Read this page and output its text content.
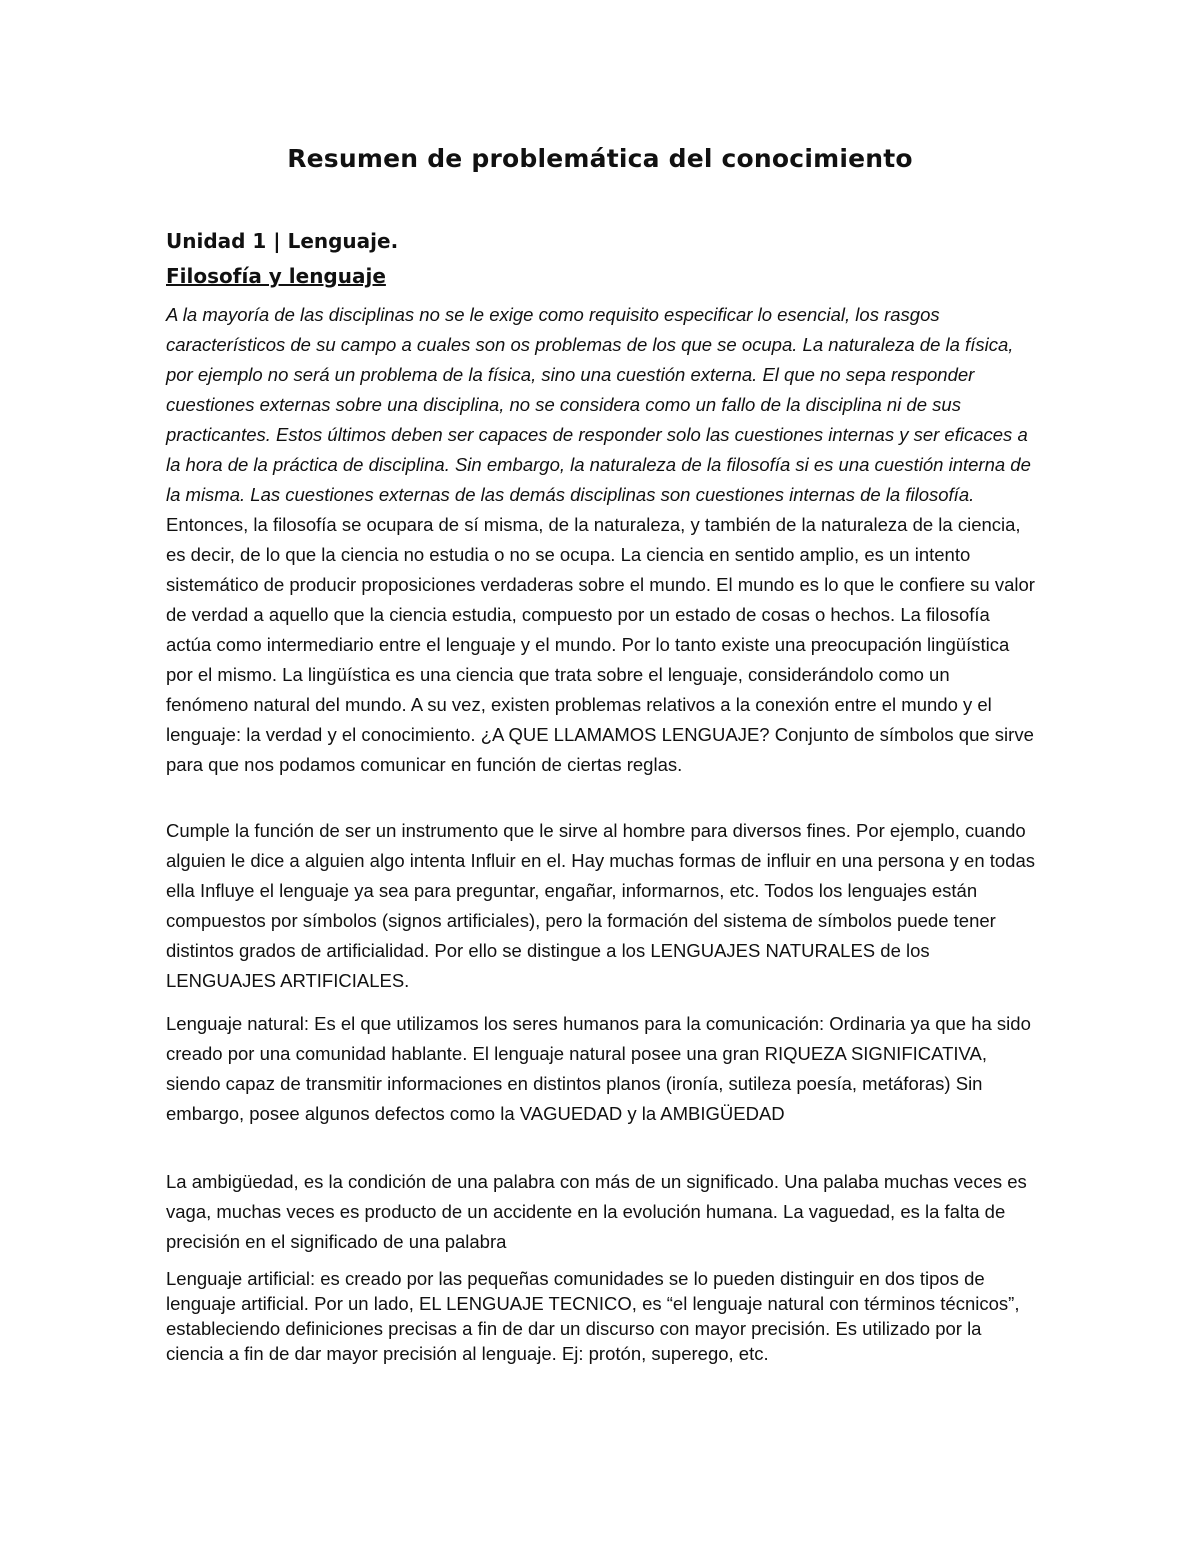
Resumen de problemática del conocimiento
Unidad 1 | Lenguaje.
Filosofía y lenguaje

A la mayoría de las disciplinas no se le exige como requisito especificar lo esencial, los rasgos característicos de su campo a cuales son os problemas de los que se ocupa. La naturaleza de la física, por ejemplo no será un problema de la física, sino una cuestión externa. El que no sepa responder cuestiones externas sobre una disciplina, no se considera como un fallo de la disciplina ni de sus practicantes. Estos últimos deben ser capaces de responder solo las cuestiones internas y ser eficaces a la hora de la práctica de disciplina. Sin embargo, la naturaleza de la filosofía si es una cuestión interna de la misma. Las cuestiones externas de las demás disciplinas son cuestiones internas de la filosofía. Entonces, la filosofía se ocupara de sí misma, de la naturaleza, y también de la naturaleza de la ciencia, es decir, de lo que la ciencia no estudia o no se ocupa. La ciencia en sentido amplio, es un intento sistemático de producir proposiciones verdaderas sobre el mundo. El mundo es lo que le confiere su valor de verdad a aquello que la ciencia estudia, compuesto por un estado de cosas o hechos. La filosofía actúa como intermediario entre el lenguaje y el mundo. Por lo tanto existe una preocupación lingüística por el mismo. La lingüística es una ciencia que trata sobre el lenguaje, considerándolo como un fenómeno natural del mundo. A su vez, existen problemas relativos a la conexión entre el mundo y el lenguaje: la verdad y el conocimiento. ¿A QUE LLAMAMOS LENGUAJE? Conjunto de símbolos que sirve para que nos podamos comunicar en función de ciertas reglas.

Cumple la función de ser un instrumento que le sirve al hombre para diversos fines. Por ejemplo, cuando alguien le dice a alguien algo intenta Influir en el. Hay muchas formas de influir en una persona y en todas ella Influye el lenguaje ya sea para preguntar, engañar, informarnos, etc. Todos los lenguajes están compuestos por símbolos (signos artificiales), pero la formación del sistema de símbolos puede tener distintos grados de artificialidad. Por ello se distingue a los LENGUAJES NATURALES de los LENGUAJES ARTIFICIALES.

Lenguaje natural: Es el que utilizamos los seres humanos para la comunicación: Ordinaria ya que ha sido creado por una comunidad hablante. El lenguaje natural posee una gran RIQUEZA SIGNIFICATIVA, siendo capaz de transmitir informaciones en distintos planos (ironía, sutileza poesía, metáforas) Sin embargo, posee algunos defectos como la VAGUEDAD y la AMBIGÜEDAD

La ambigüedad, es la condición de una palabra con más de un significado. Una palaba muchas veces es vaga, muchas veces es producto de un accidente en la evolución humana. La vaguedad, es la falta de precisión en el significado de una palabra

Lenguaje artificial: es creado por las pequeñas comunidades se lo pueden distinguir en dos tipos de lenguaje artificial. Por un lado, EL LENGUAJE TECNICO, es “el lenguaje natural con términos técnicos”, estableciendo definiciones precisas a fin de dar un discurso con mayor precisión. Es utilizado por la ciencia a fin de dar mayor precisión al lenguaje. Ej: protón, superego, etc.
